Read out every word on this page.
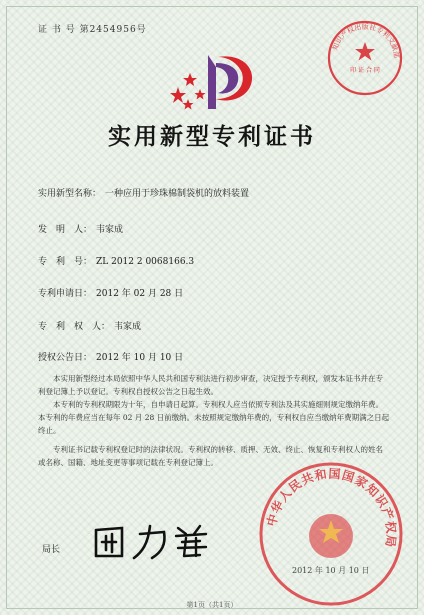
证 书 号 第2454956号
知识产权出版社专利文献部
印 证 合 同
实用新型专利证书
实用新型名称： 一种应用于珍珠棉制袋机的放料装置
发　明　人： 韦家成
专　利　号： ZL 2012 2 0068166.3
专利申请日： 2012 年 02 月 28 日
专　利　权　人： 韦家成
授权公告日： 2012 年 10 月 10 日

本实用新型经过本局依照中华人民共和国专利法进行初步审查，决定授予专利权，颁发本证书并在专利登记簿上予以登记。专利权自授权公告之日起生效。

本专利的专利权期限为十年，自申请日起算。专利权人应当依照专利法及其实施细则规定缴纳年费。本专利的年费应当在每年 02 月 28 日前缴纳。未按照规定缴纳年费的，专利权自应当缴纳年费期满之日起终止。

专利证书记载专利权登记时的法律状况。专利权的转移、质押、无效、终止、恢复和专利权人的姓名或名称、国籍、地址变更等事项记载在专利登记簿上。

局长
中华人民共和国国家知识产权局
2012 年 10 月 10 日
第1页（共1页）
